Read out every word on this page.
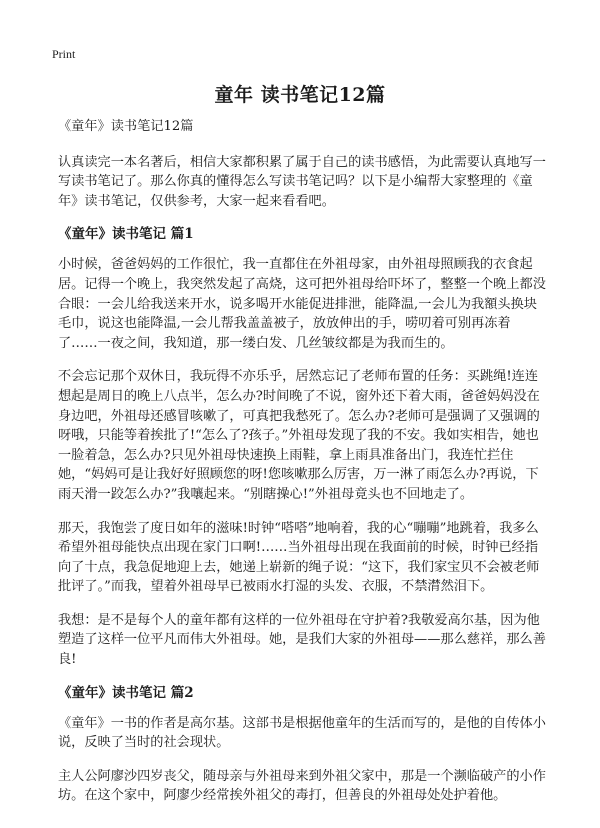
Print
童年 读书笔记12篇

《童年》读书笔记12篇

认真读完一本名著后，相信大家都积累了属于自己的读书感悟，为此需要认真地写一写读书笔记了。那么你真的懂得怎么写读书笔记吗？以下是小编帮大家整理的《童年》读书笔记，仅供参考，大家一起来看看吧。

《童年》读书笔记 篇1

小时候，爸爸妈妈的工作很忙，我一直都住在外祖母家，由外祖母照顾我的衣食起居。记得一个晚上，我突然发起了高烧，这可把外祖母给吓坏了，整整一个晚上都没合眼：一会儿给我送来开水，说多喝开水能促进排泄，能降温,一会儿为我額头换块毛巾，说这也能降温,一会儿帮我盖盖被子，放放伸出的手，唠叨着可别再冻着了……一夜之间，我知道，那一缕白发、几丝皱纹都是为我而生的。

不会忘记那个双休日，我玩得不亦乐乎，居然忘记了老师布置的任务：买跳绳!连连想起是周日的晚上八点半，怎么办?时间晚了不说，窗外还下着大雨，爸爸妈妈没在身边吧，外祖母还感冒咳嗽了，可真把我愁死了。怎么办?老师可是强调了又强调的呀哦，只能等着挨批了!“怎么了?孩子。”外祖母发现了我的不安。我如实相告，她也一脸着急，怎么办?只见外祖母快速换上雨鞋，拿上雨具准备出门，我连忙拦住她，“妈妈可是让我好好照顾您的呀!您咳嗽那么厉害，万一淋了雨怎么办?再说，下雨天滑一跤怎么办?”我嚷起来。“别瞎操心!”外祖母竟头也不回地走了。

那天，我饱尝了度日如年的滋味!时钟“嗒嗒”地响着，我的心“嘣嘣”地跳着，我多么希望外祖母能快点出现在家门口啊!……当外祖母出现在我面前的时候，时钟已经指向了十点，我急促地迎上去，她递上崭新的绳子说：“这下，我们家宝贝不会被老师批评了。”而我，望着外祖母早已被雨水打湿的头发、衣服，不禁潸然泪下。

我想：是不是每个人的童年都有这样的一位外祖母在守护着?我敬爱高尔基，因为他塑造了这样一位平凡而伟大外祖母。她，是我们大家的外祖母——那么慈祥，那么善良!

《童年》读书笔记 篇2

《童年》一书的作者是高尔基。这部书是根据他童年的生活而写的，是他的自传体小说，反映了当时的社会现状。

主人公阿廖沙四岁丧父，随母亲与外祖母来到外祖父家中，那是一个濒临破产的小作坊。在这个家中，阿廖少经常挨外祖父的毒打，但善良的外祖母处处护着他。
